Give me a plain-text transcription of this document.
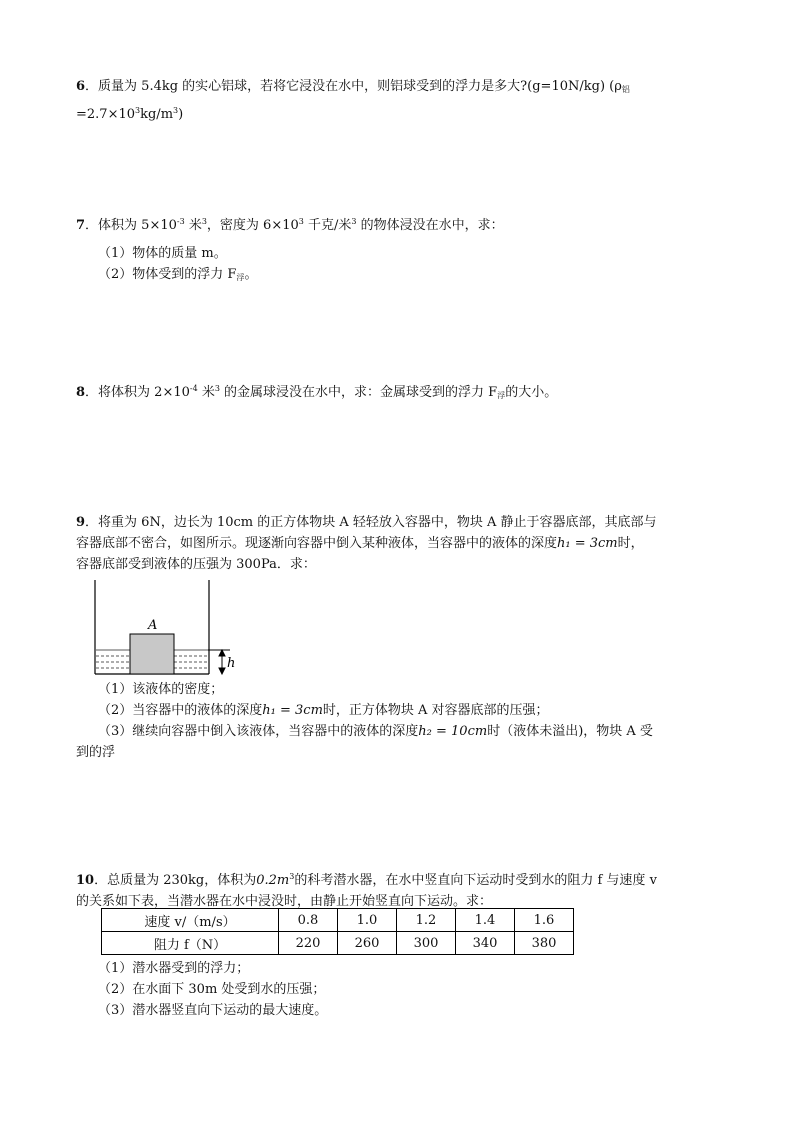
6．质量为 5.4kg 的实心铝球，若将它浸没在水中，则铝球受到的浮力是多大?(g=10N/kg) (ρ铝
$=2.7\times 10^3kg/m^3$)
7．体积为 $5\times 10^{-3}$ 米$^3$，密度为 $6\times 10^3$ 千克/米$^3$ 的物体浸没在水中，求：
（1）物体的质量 m。
（2）物体受到的浮力 F浮。
8．将体积为 $2\times 10^{-4}$ 米$^3$ 的金属球浸没在水中，求：金属球受到的浮力 F浮的大小。
9．将重为 6N，边长为 10cm 的正方体物块 A 轻轻放入容器中，物块 A 静止于容器底部，其底部与
容器底部不密合，如图所示。现逐渐向容器中倒入某种液体，当容器中的液体的深度h₁ = 3cm时，
容器底部受到液体的压强为 300Pa．求：
A
h
（1）该液体的密度；
（2）当容器中的液体的深度h₁ = 3cm时，正方体物块 A 对容器底部的压强；
（3）继续向容器中倒入该液体，当容器中的液体的深度h₂ = 10cm时（液体未溢出)，物块 A 受
到的浮
10．总质量为 230kg，体积为$0.2m^3$的科考潜水器，在水中竖直向下运动时受到水的阻力 f 与速度 v
的关系如下表，当潜水器在水中浸没时，由静止开始竖直向下运动。求：
速度 v/（m/s）	0.8	1.0	1.2	1.4	1.6
阻力 f（N）	220	260	300	340	380
（1）潜水器受到的浮力；
（2）在水面下 30m 处受到水的压强；
（3）潜水器竖直向下运动的最大速度。
